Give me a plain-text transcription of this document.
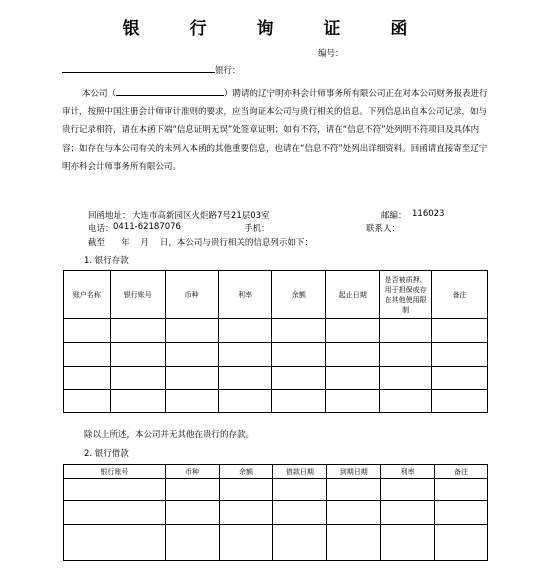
银 行 询 证 函
编号：
银行：
本公司（	）聘请的辽宁明亦科会计师事务所有限公司正在对本公司财务报表进行审计，按照中国注册会计师审计准则的要求，应当询证本公司与贵行相关的信息。下列信息出自本公司记录，如与贵行记录相符，请在本函下端“信息证明无误”处签章证明；如有不符，请在“信息不符”处列明不符项目及具体内容；如存在与本公司有关的未列入本函的其他重要信息，也请在“信息不符”处列出详细资料。回函请直接寄至辽宁明亦科会计师事务所有限公司。
回函地址： 大连市高新园区火炬路7号21层03室	邮编： 116023
电话： 0411-62187076	手机：	联系人：
截至      年    月    日，本公司与贵行相关的信息列示如下：
1. 银行存款
账户名称	银行账号	币种	利率	余额	起止日期	是否被质押、用于担保或存在其他使用限制	备注

除以上所述，本公司并无其他在贵行的存款。
2. 银行借款
银行账号	币种	余额	借款日期	到期日期	利率	备注
